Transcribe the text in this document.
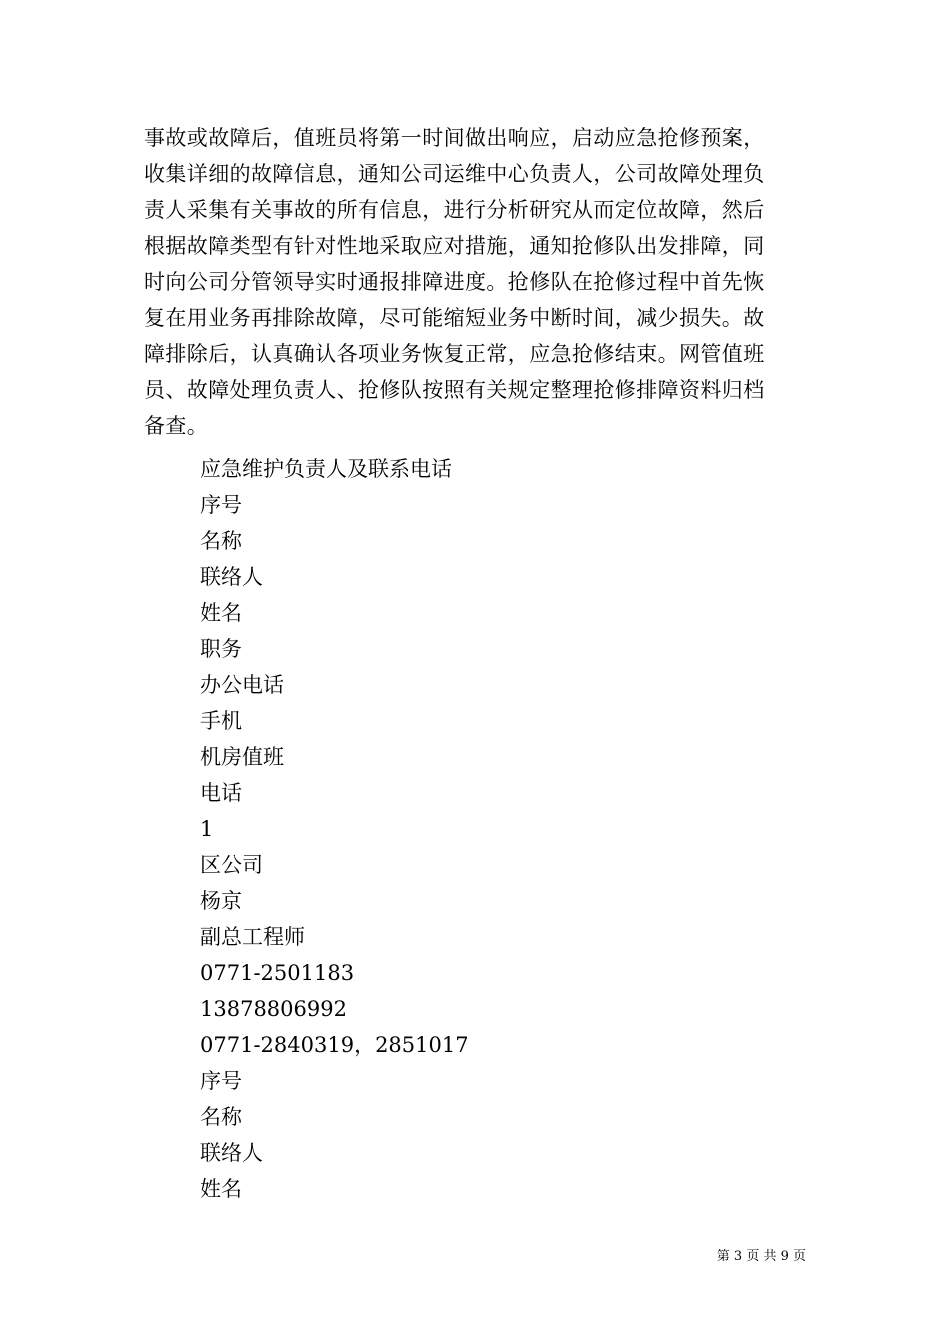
事故或故障后，值班员将第一时间做出响应，启动应急抢修预案，
收集详细的故障信息，通知公司运维中心负责人，公司故障处理负
责人采集有关事故的所有信息，进行分析研究从而定位故障，然后
根据故障类型有针对性地采取应对措施，通知抢修队出发排障，同
时向公司分管领导实时通报排障进度。抢修队在抢修过程中首先恢
复在用业务再排除故障，尽可能缩短业务中断时间，减少损失。故
障排除后，认真确认各项业务恢复正常，应急抢修结束。网管值班
员、故障处理负责人、抢修队按照有关规定整理抢修排障资料归档
备查。
应急维护负责人及联系电话
序号
名称
联络人
姓名
职务
办公电话
手机
机房值班
电话
1
区公司
杨京
副总工程师
0771-2501183
13878806992
0771-2840319，2851017
序号
名称
联络人
姓名
第 3 页 共 9 页
